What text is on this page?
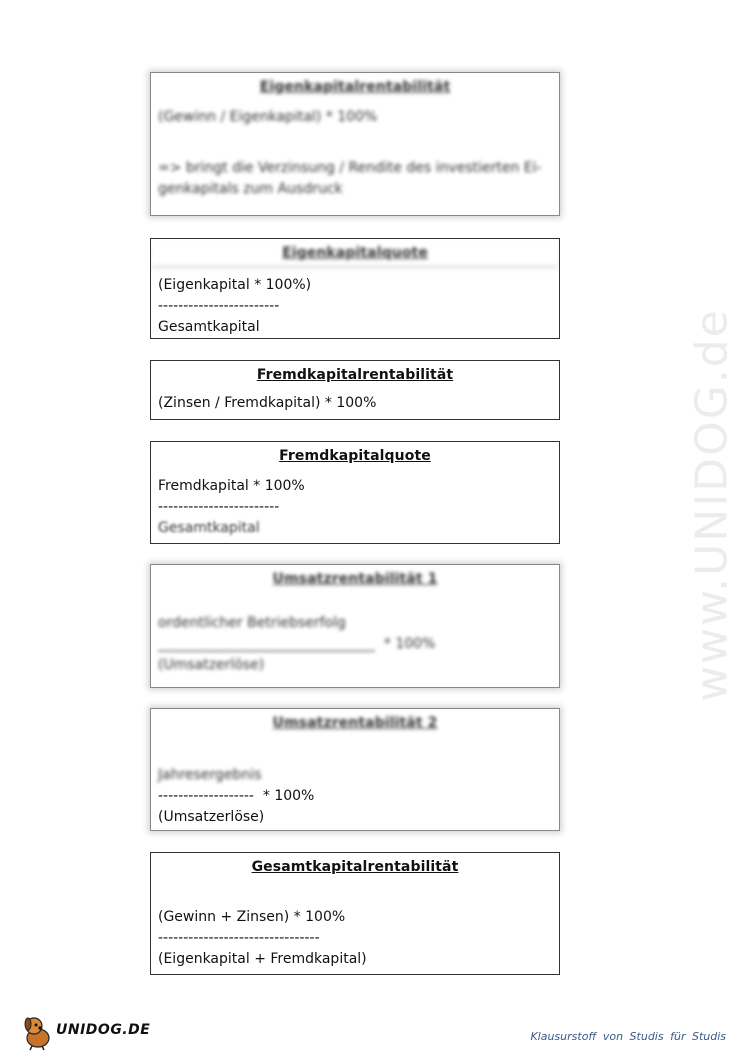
www.UNIDOG.de
Eigenkapitalrentabilität
(Gewinn / Eigenkapital) * 100%
=> bringt die Verzinsung / Rendite des investierten Ei-
genkapitals zum Ausdruck
Eigenkapitalquote
(Eigenkapital * 100%)
------------------------
Gesamtkapital
Fremdkapitalrentabilität
(Zinsen / Fremdkapital) * 100%
Fremdkapitalquote
Fremdkapital * 100%
------------------------
Gesamtkapital
Umsatzrentabilität 1
ordentlicher Betriebserfolg
_______________________________  * 100%
(Umsatzerlöse)
Umsatzrentabilität 2
Jahresergebnis
-------------------  * 100%
(Umsatzerlöse)
Gesamtkapitalrentabilität
(Gewinn + Zinsen) * 100%
--------------------------------
(Eigenkapital + Fremdkapital)
UNIDOG.DE	Klausurstoff von Studis für Studis
